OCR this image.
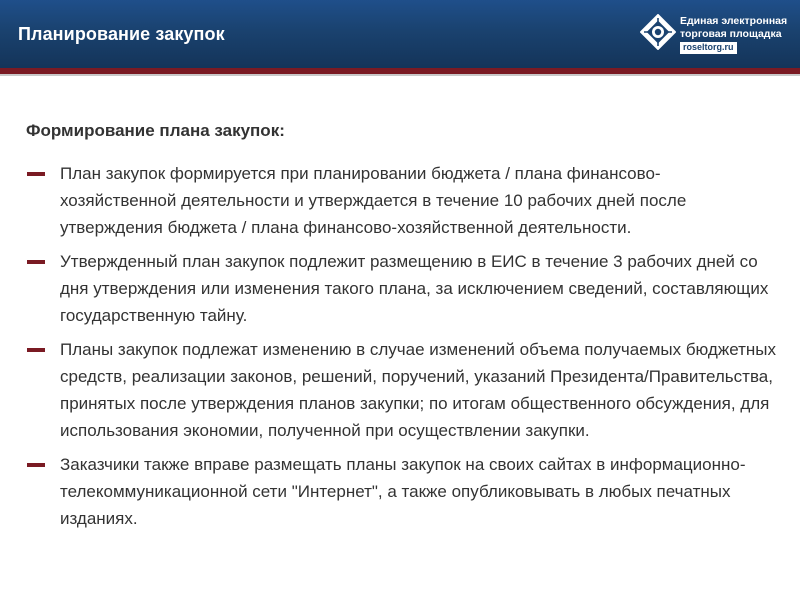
Планирование закупок
Единая электронная
торговая площадка
roseltorg.ru
Формирование плана закупок:
План закупок формируется при планировании бюджета / плана финансово-хозяйственной деятельности и утверждается в течение 10 рабочих дней после утверждения бюджета / плана финансово-хозяйственной деятельности.
Утвержденный план закупок подлежит размещению в ЕИС в течение 3 рабочих дней со дня утверждения или изменения такого плана, за исключением сведений, составляющих государственную тайну.
Планы закупок подлежат изменению в случае изменений объема получаемых бюджетных средств, реализации законов, решений, поручений, указаний Президента/Правительства, принятых после утверждения планов закупки; по итогам общественного обсуждения, для использования экономии, полученной при осуществлении закупки.
Заказчики также вправе размещать планы закупок на своих сайтах в информационно-телекоммуникационной сети "Интернет", а также опубликовывать в любых печатных изданиях.
